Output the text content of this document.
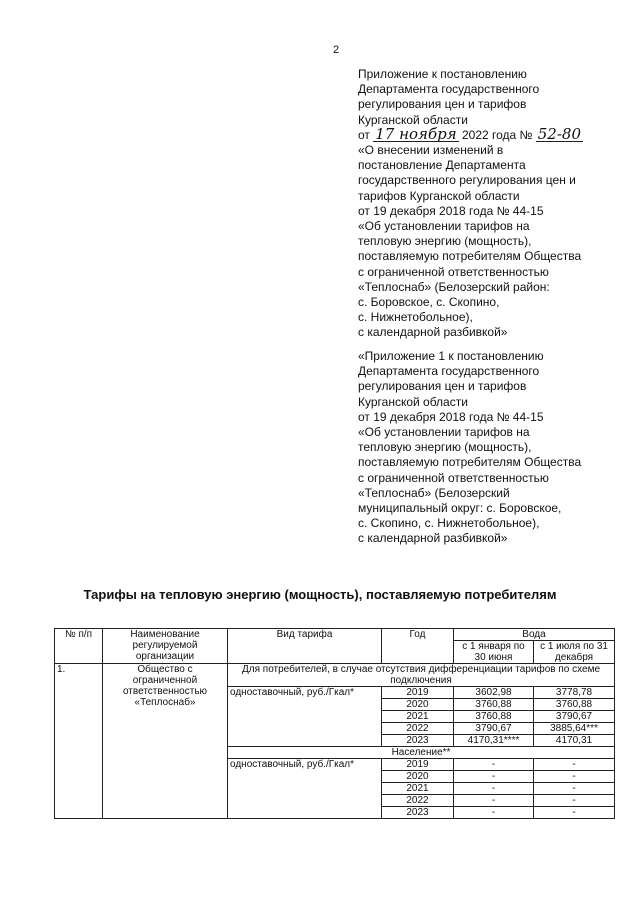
2
Приложение к постановлению
Департамента государственного
регулирования цен и тарифов
Курганской области
от 17 ноября 2022 года № 52-80
«О внесении изменений в
постановление Департамента
государственного регулирования цен и
тарифов Курганской области
от 19 декабря 2018 года № 44-15
«Об установлении тарифов на
тепловую энергию (мощность),
поставляемую потребителям Общества
с ограниченной ответственностью
«Теплоснаб» (Белозерский район:
с. Боровское, с. Скопино,
с. Нижнетобольное),
с календарной разбивкой»
«Приложение 1 к постановлению
Департамента государственного
регулирования цен и тарифов
Курганской области
от 19 декабря 2018 года № 44-15
«Об установлении тарифов на
тепловую энергию (мощность),
поставляемую потребителям Общества
с ограниченной ответственностью
«Теплоснаб» (Белозерский
муниципальный округ: с. Боровское,
с. Скопино, с. Нижнетобольное),
с календарной разбивкой»
Тарифы на тепловую энергию (мощность), поставляемую потребителям
№ п/п	Наименование регулируемой организации	Вид тарифа	Год	Вода	
				с 1 января по 30 июня	с 1 июля по 31 декабря
1.	Общество с ограниченной ответственностью «Теплоснаб»	Для потребителей, в случае отсутствия дифференциации тарифов по схеме подключения			
		одноставочный, руб./Гкал*	2019	3602,98	3778,78
			2020	3760,88	3760,88
			2021	3760,88	3790,67
			2022	3790,67	3885,64***
			2023	4170,31****	4170,31
		Население**			
		одноставочный, руб./Гкал*	2019	-	-
			2020	-	-
			2021	-	-
			2022	-	-
			2023	-	-
